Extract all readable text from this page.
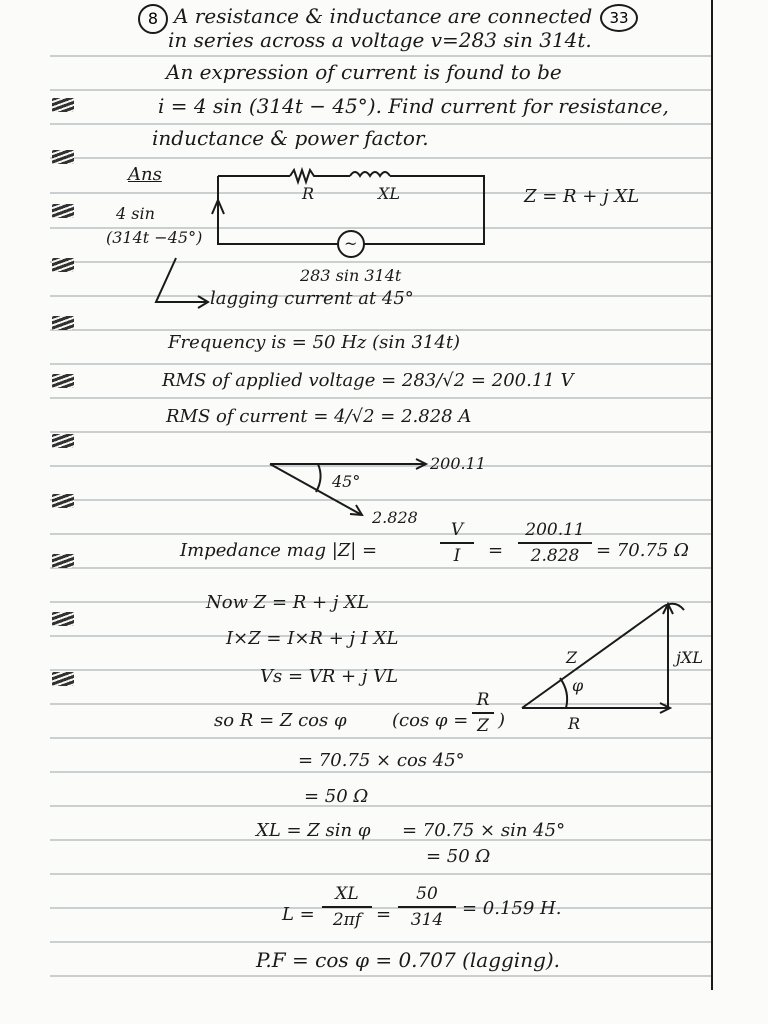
8	33
A resistance & inductance are connected
in series across a voltage v=283 sin 314t.
An expression of current is found to be
i = 4 sin (314t − 45°). Find current for resistance,
inductance & power factor.
Ans
4 sin
(314t −45°)	~
R	XL	Z = R + j XL
283 sin 314t
lagging current at 45°
Frequency is = 50 Hz (sin 314t)
RMS of applied voltage = 283/√2 = 200.11 V
RMS of current = 4/√2 = 2.828 A
200.11
45°
2.828
Impedance mag |Z| =
V
I	=
200.11
2.828 = 70.75 Ω
Now Z = R + j XL
I×Z = I×R + j I XL
Vs = VR + j VL
so R = Z cos φ	(cos φ =
R
Z )
Z
φ
R
jXL
= 70.75 × cos 45°
= 50 Ω
XL = Z sin φ = 70.75 × sin 45°
= 50 Ω
L =
XL
2πf =
50
314
= 0.159 H.
P.F = cos φ = 0.707 (lagging).
